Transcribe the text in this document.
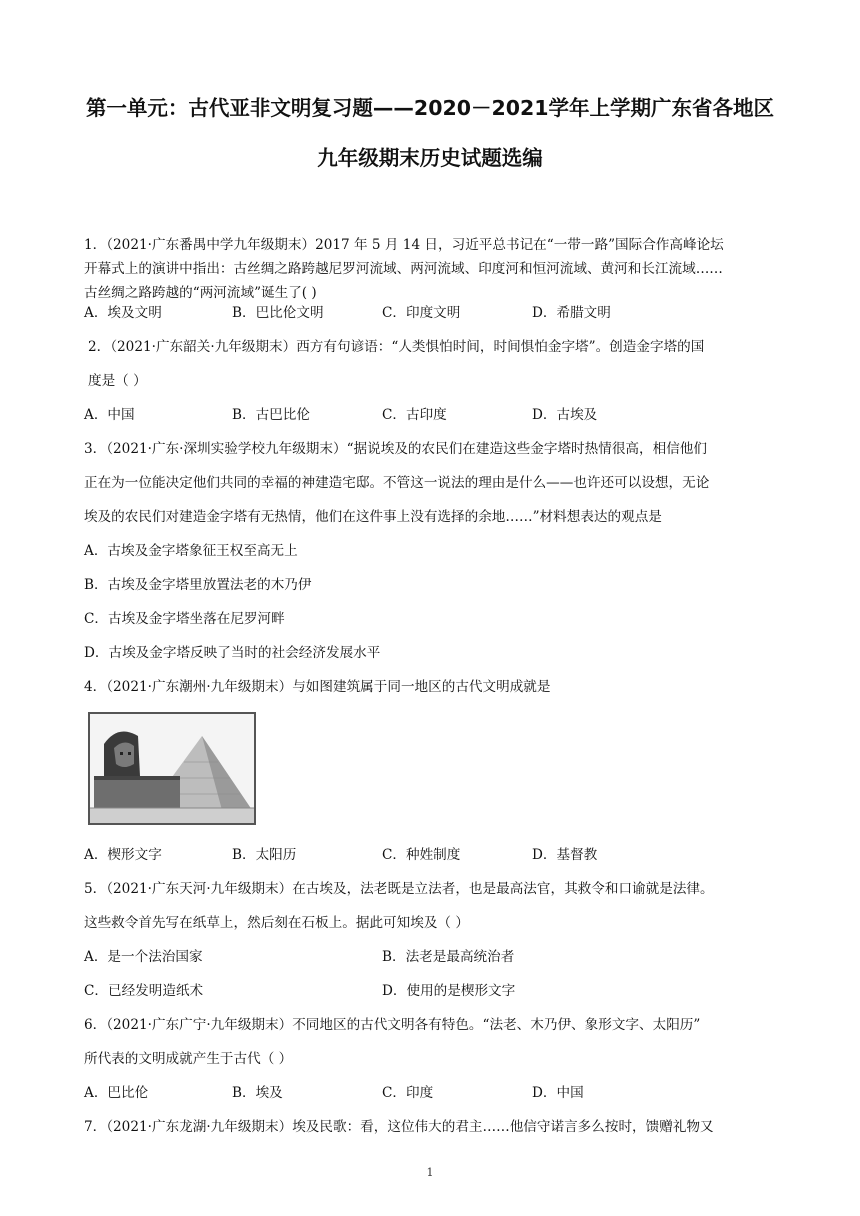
第一单元：古代亚非文明复习题——2020－2021学年上学期广东省各地区
九年级期末历史试题选编
1．（2021·广东番禺中学九年级期末）2017 年 5 月 14 日，习近平总书记在“一带一路”国际合作高峰论坛
开幕式上的演讲中指出：古丝绸之路跨越尼罗河流域、两河流域、印度河和恒河流域、黄河和长江流域……
古丝绸之路跨越的“两河流域”诞生了( )
A．埃及文明	B．巴比伦文明	C．印度文明	D．希腊文明
2．（2021·广东韶关·九年级期末）西方有句谚语：“人类惧怕时间，时间惧怕金字塔”。创造金字塔的国
度是（ ）
A．中国	B．古巴比伦	C．古印度	D．古埃及
3．（2021·广东·深圳实验学校九年级期末）“据说埃及的农民们在建造这些金字塔时热情很高，相信他们
正在为一位能决定他们共同的幸福的神建造宅邸。不管这一说法的理由是什么——也许还可以设想，无论
埃及的农民们对建造金字塔有无热情，他们在这件事上没有选择的余地……”材料想表达的观点是
A．古埃及金字塔象征王权至高无上
B．古埃及金字塔里放置法老的木乃伊
C．古埃及金字塔坐落在尼罗河畔
D．古埃及金字塔反映了当时的社会经济发展水平
4．（2021·广东潮州·九年级期末）与如图建筑属于同一地区的古代文明成就是
A．楔形文字	B．太阳历	C．种姓制度	D．基督教
5．（2021·广东天河·九年级期末）在古埃及，法老既是立法者，也是最高法官，其救令和口谕就是法律。
这些救令首先写在纸草上，然后刻在石板上。据此可知埃及（ ）
A．是一个法治国家	B．法老是最高统治者
C．已经发明造纸术	D．使用的是楔形文字
6．（2021·广东广宁·九年级期末）不同地区的古代文明各有特色。“法老、木乃伊、象形文字、太阳历”
所代表的文明成就产生于古代（ ）
A．巴比伦	B．埃及	C．印度	D．中国
7．（2021·广东龙湖·九年级期末）埃及民歌：看，这位伟大的君主……他信守诺言多么按时，馈赠礼物又
1
